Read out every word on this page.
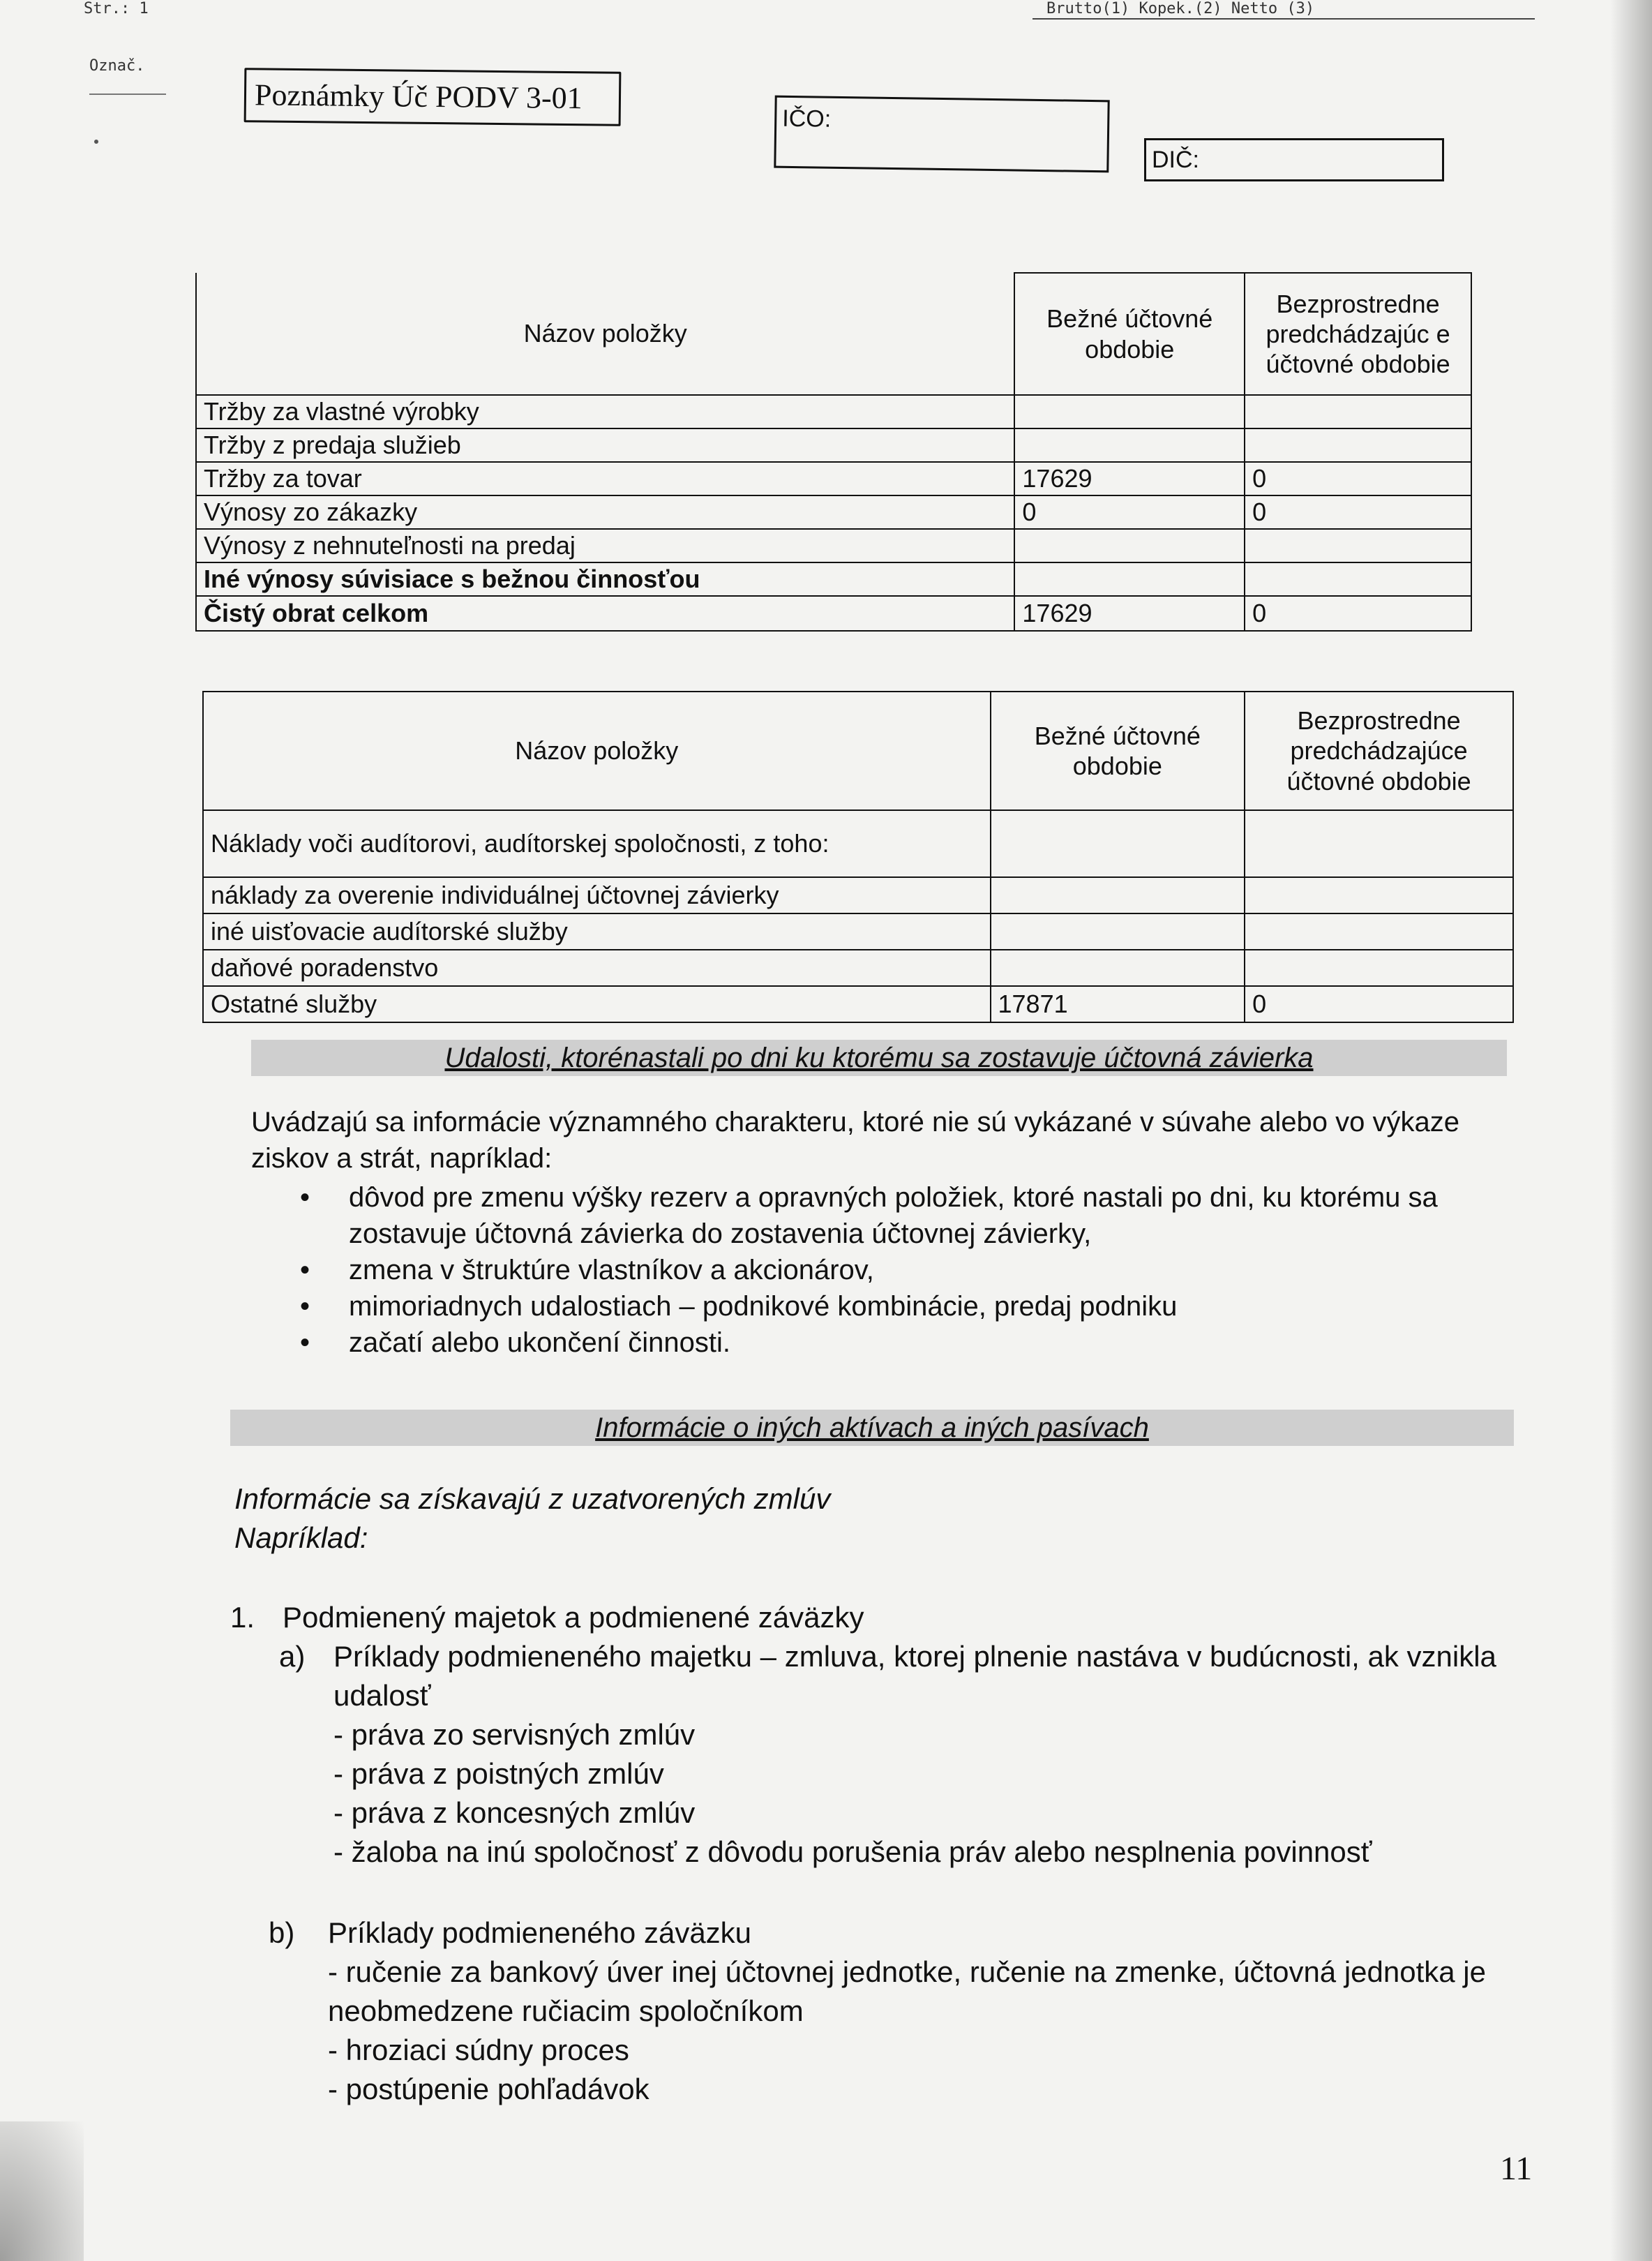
Str.: 1	Brutto(1) Koрek.(2) Netto (3)
Označ.
Poznámky Úč PODV 3-01
IČO:
DIČ:
Názov položky	Bežné účtovné obdobie	Bezprostredne predchádzajúc e účtovné obdobie
Tržby za vlastné výrobky		
Tržby z predaja služieb		
Tržby za tovar	17629	0
Výnosy zo zákazky	0	0
Výnosy z nehnuteľnosti na predaj		
Iné výnosy súvisiace s bežnou činnosťou		
Čistý obrat celkom	17629	0
Názov položky	Bežné účtovné obdobie	Bezprostredne predchádzajúce účtovné obdobie
Náklady voči audítorovi, audítorskej spoločnosti, z toho:		
náklady za overenie individuálnej účtovnej závierky		
iné uisťovacie audítorské služby		
daňové poradenstvo		
Ostatné služby	17871	0
Udalosti, ktorénastali po dni ku ktorému sa zostavuje účtovná závierka
Uvádzajú sa informácie významného charakteru, ktoré nie sú vykázané v súvahe alebo vo výkaze ziskov a strát, napríklad:
• dôvod pre zmenu výšky rezerv a opravných položiek, ktoré nastali po dni, ku ktorému sa zostavuje účtovná závierka do zostavenia účtovnej závierky,
• zmena v štruktúre vlastníkov a akcionárov,
• mimoriadnych udalostiach – podnikové kombinácie, predaj podniku
• začatí alebo ukončení činnosti.
Informácie o iných aktívach a iných pasívach
Informácie sa získavajú z uzatvorených zmlúv
Napríklad:
1. Podmienený majetok a podmienené záväzky
a) Príklady podmieneného majetku – zmluva, ktorej plnenie nastáva v budúcnosti, ak vznikla udalosť
- práva zo servisných zmlúv
- práva z poistných zmlúv
- práva z koncesných zmlúv
- žaloba na inú spoločnosť z dôvodu porušenia práv alebo nesplnenia povinnosť
b) Príklady podmieneného záväzku
- ručenie za bankový úver inej účtovnej jednotke, ručenie na zmenke, účtovná jednotka je neobmedzene ručiacim spoločníkom
- hroziaci súdny proces
- postúpenie pohľadávok
11
